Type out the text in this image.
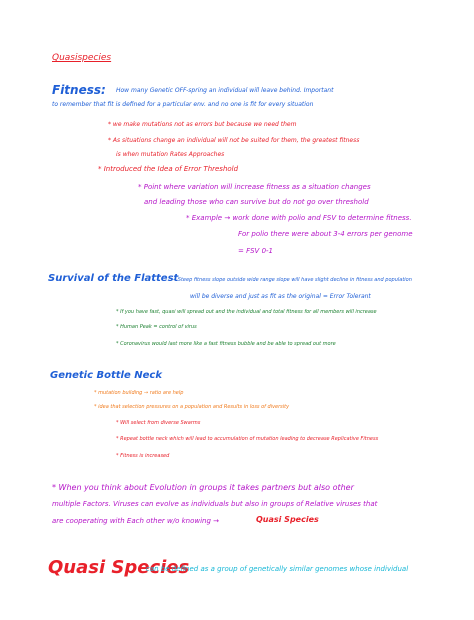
Quasispecies
Fitness: How many Genetic OFF-spring an individual will leave behind. Important
to remember that fit is defined for a particular env. and no one is fit for every situation
* we make mutations not as errors but because we need them
* As situations change an individual will not be suited for them, the greatest fitness
is when mutation Rates Approaches
* Introduced the Idea of Error Threshold
* Point where variation will increase fitness as a situation changes
and leading those who can survive but do not go over threshold
* Example → work done with polio and FSV to determine fitness.
For polio there were about 3-4 errors per genome
= FSV 0-1
Survival of the Flattest
→ Steep fitness slope outside wide range slope will have slight decline in fitness and population
will be diverse and just as fit as the original = Error Tolerant
* If you have fast, quasi will spread out and the individual and total fitness for all members will increase
* Human Peak = control of virus
* Coronavirus would last more like a fast fitness bubble and be able to spread out more
Genetic Bottle Neck
* mutation building → ratio are help
* idea that selection pressures on a population and Results in loss of diversity
* Will select from diverse Swarms
* Repeat bottle neck which will lead to accumulation of mutation leading to decrease Replicative Fitness
* Fitness is increased
* When you think about Evolution in groups it takes partners but also other
multiple Factors. Viruses can evolve as individuals but also in groups of Relative viruses that
are cooperating with Each other w/o knowing →	Quasi Species
Quasi Species
can be defined as a group of genetically similar genomes whose individual
